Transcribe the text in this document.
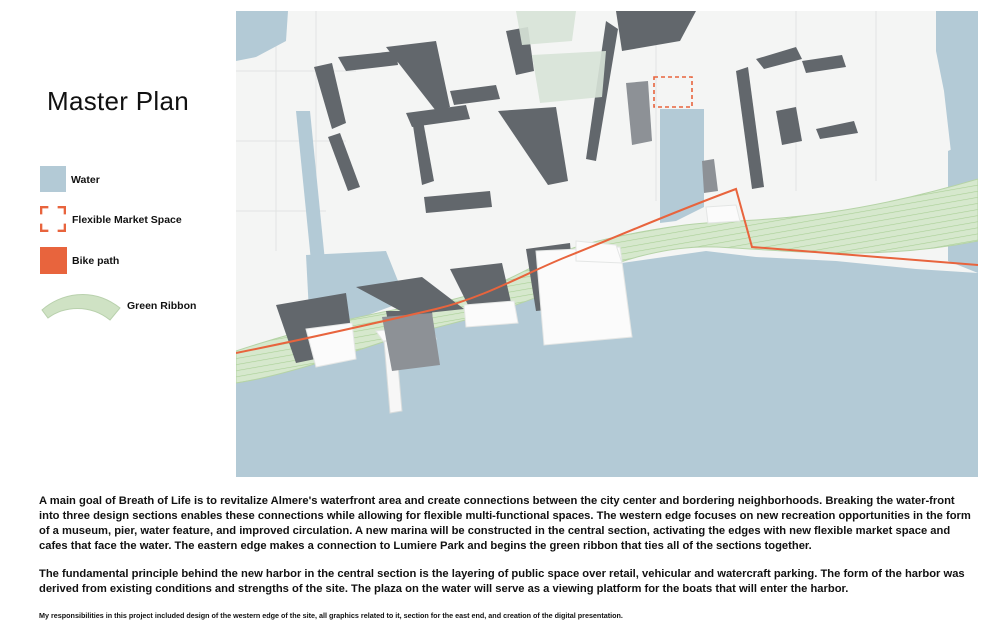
Master Plan
Water
Flexible Market Space
Bike path
Green Ribbon

A main goal of Breath of Life is to revitalize Almere's waterfront area and create connections between the city center and bordering neighborhoods. Breaking the water-front into three design sections enables these connections while allowing for flexible multi-functional spaces. The western edge focuses on new recreation opportunities in the form of a museum, pier, water feature, and improved circulation. A new marina will be constructed in the central section, activating the edges with new flexible market space and cafes that face the water. The eastern edge makes a connection to Lumiere Park and begins the green ribbon that ties all of the sections together.

The fundamental principle behind the new harbor in the central section is the layering of public space over retail, vehicular and watercraft parking. The form of the harbor was derived from existing conditions and strengths of the site. The plaza on the water will serve as a viewing platform for the boats that will enter the harbor.

My responsibilities in this project included design of the western edge of the site, all graphics related to it, section for the east end, and creation of the digital presentation.
